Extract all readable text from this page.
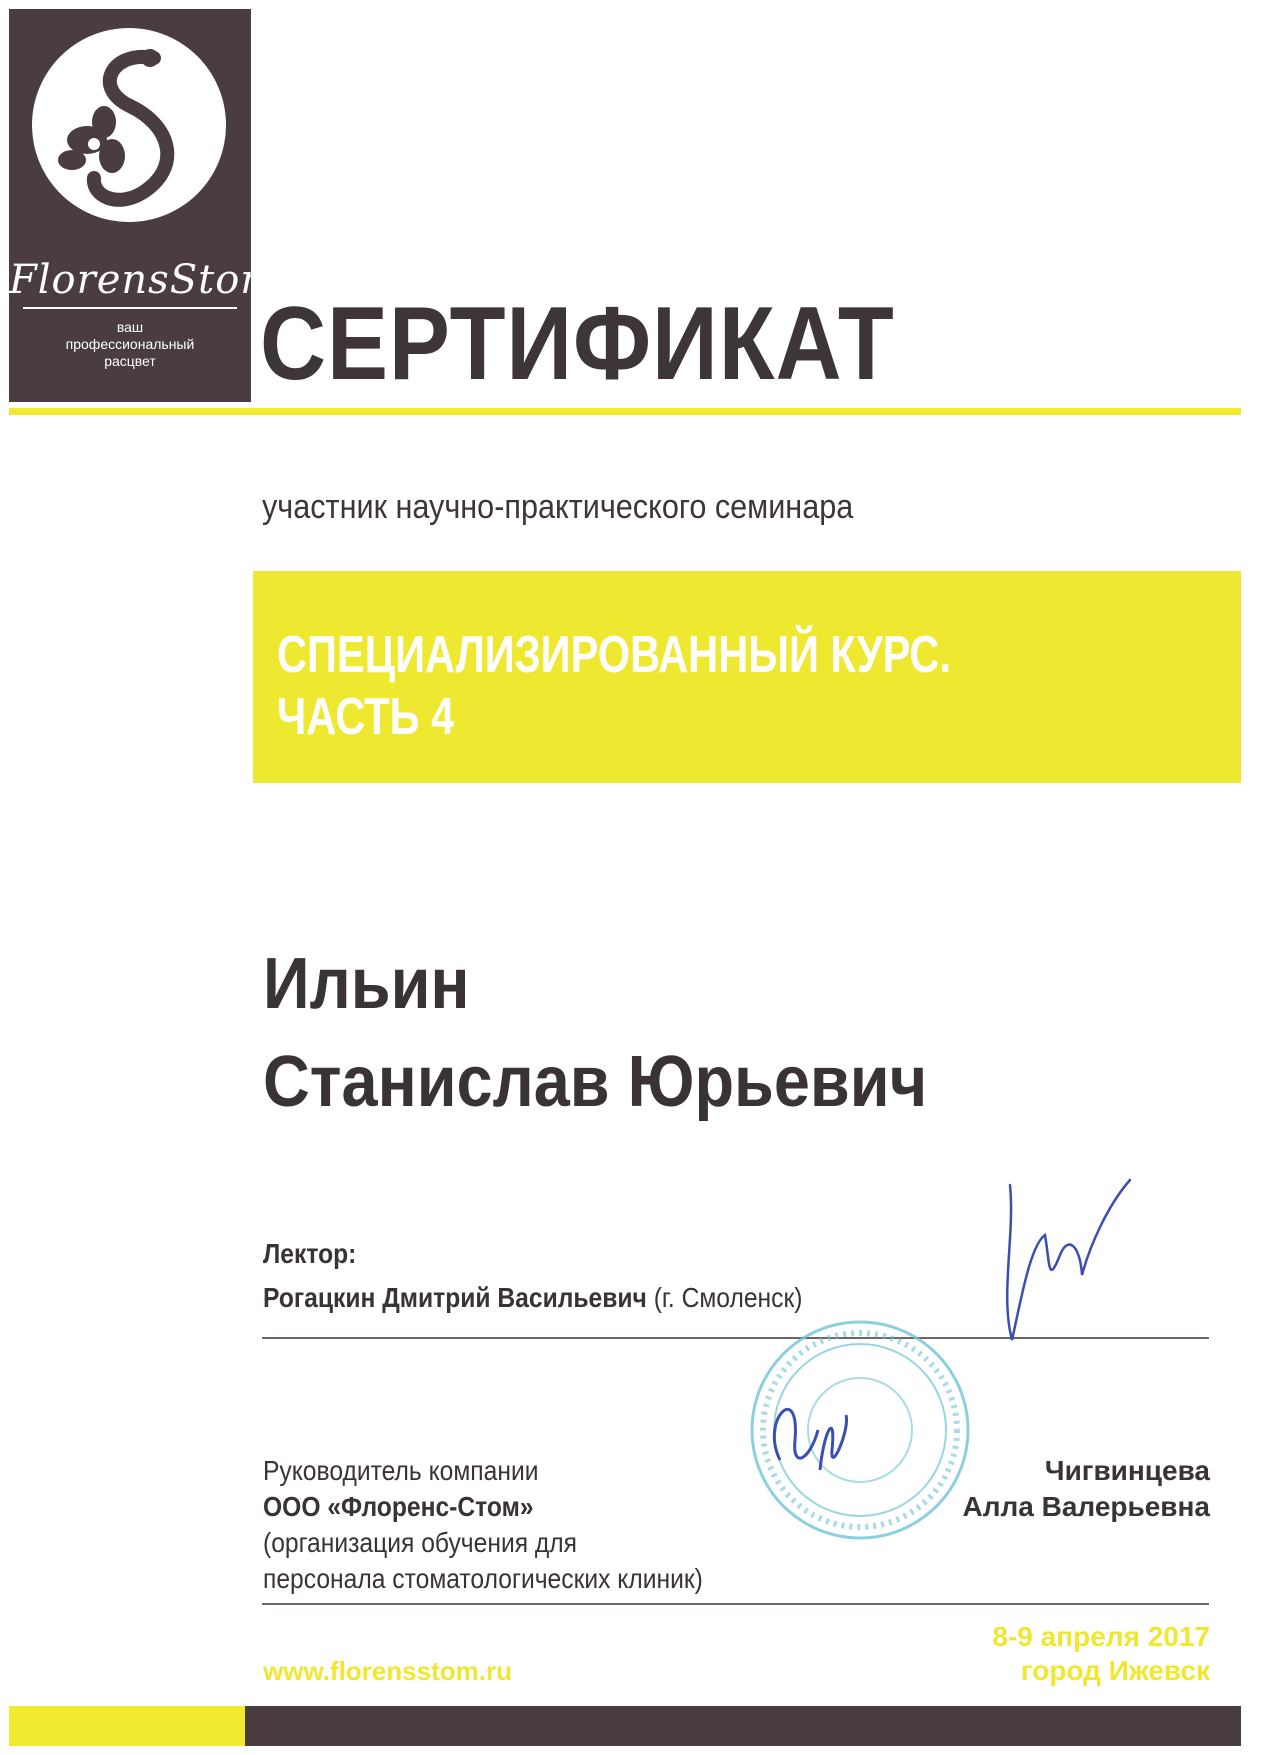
FlorensStom
ваш
профессиональный
расцвет	СЕРТИФИКАТ
участник научно-практического семинара
СПЕЦИАЛИЗИРОВАННЫЙ КУРС.
ЧАСТЬ 4
Ильин
Станислав Юрьевич
Лектор:
Рогацкин Дмитрий Васильевич (г. Смоленск)
Руководитель компании
ООО «Флоренс-Стом»
(организация обучения для
персонала стоматологических клиник)
Чигвинцева
Алла Валерьевна
www.florensstom.ru
8-9 апреля 2017
город Ижевск
